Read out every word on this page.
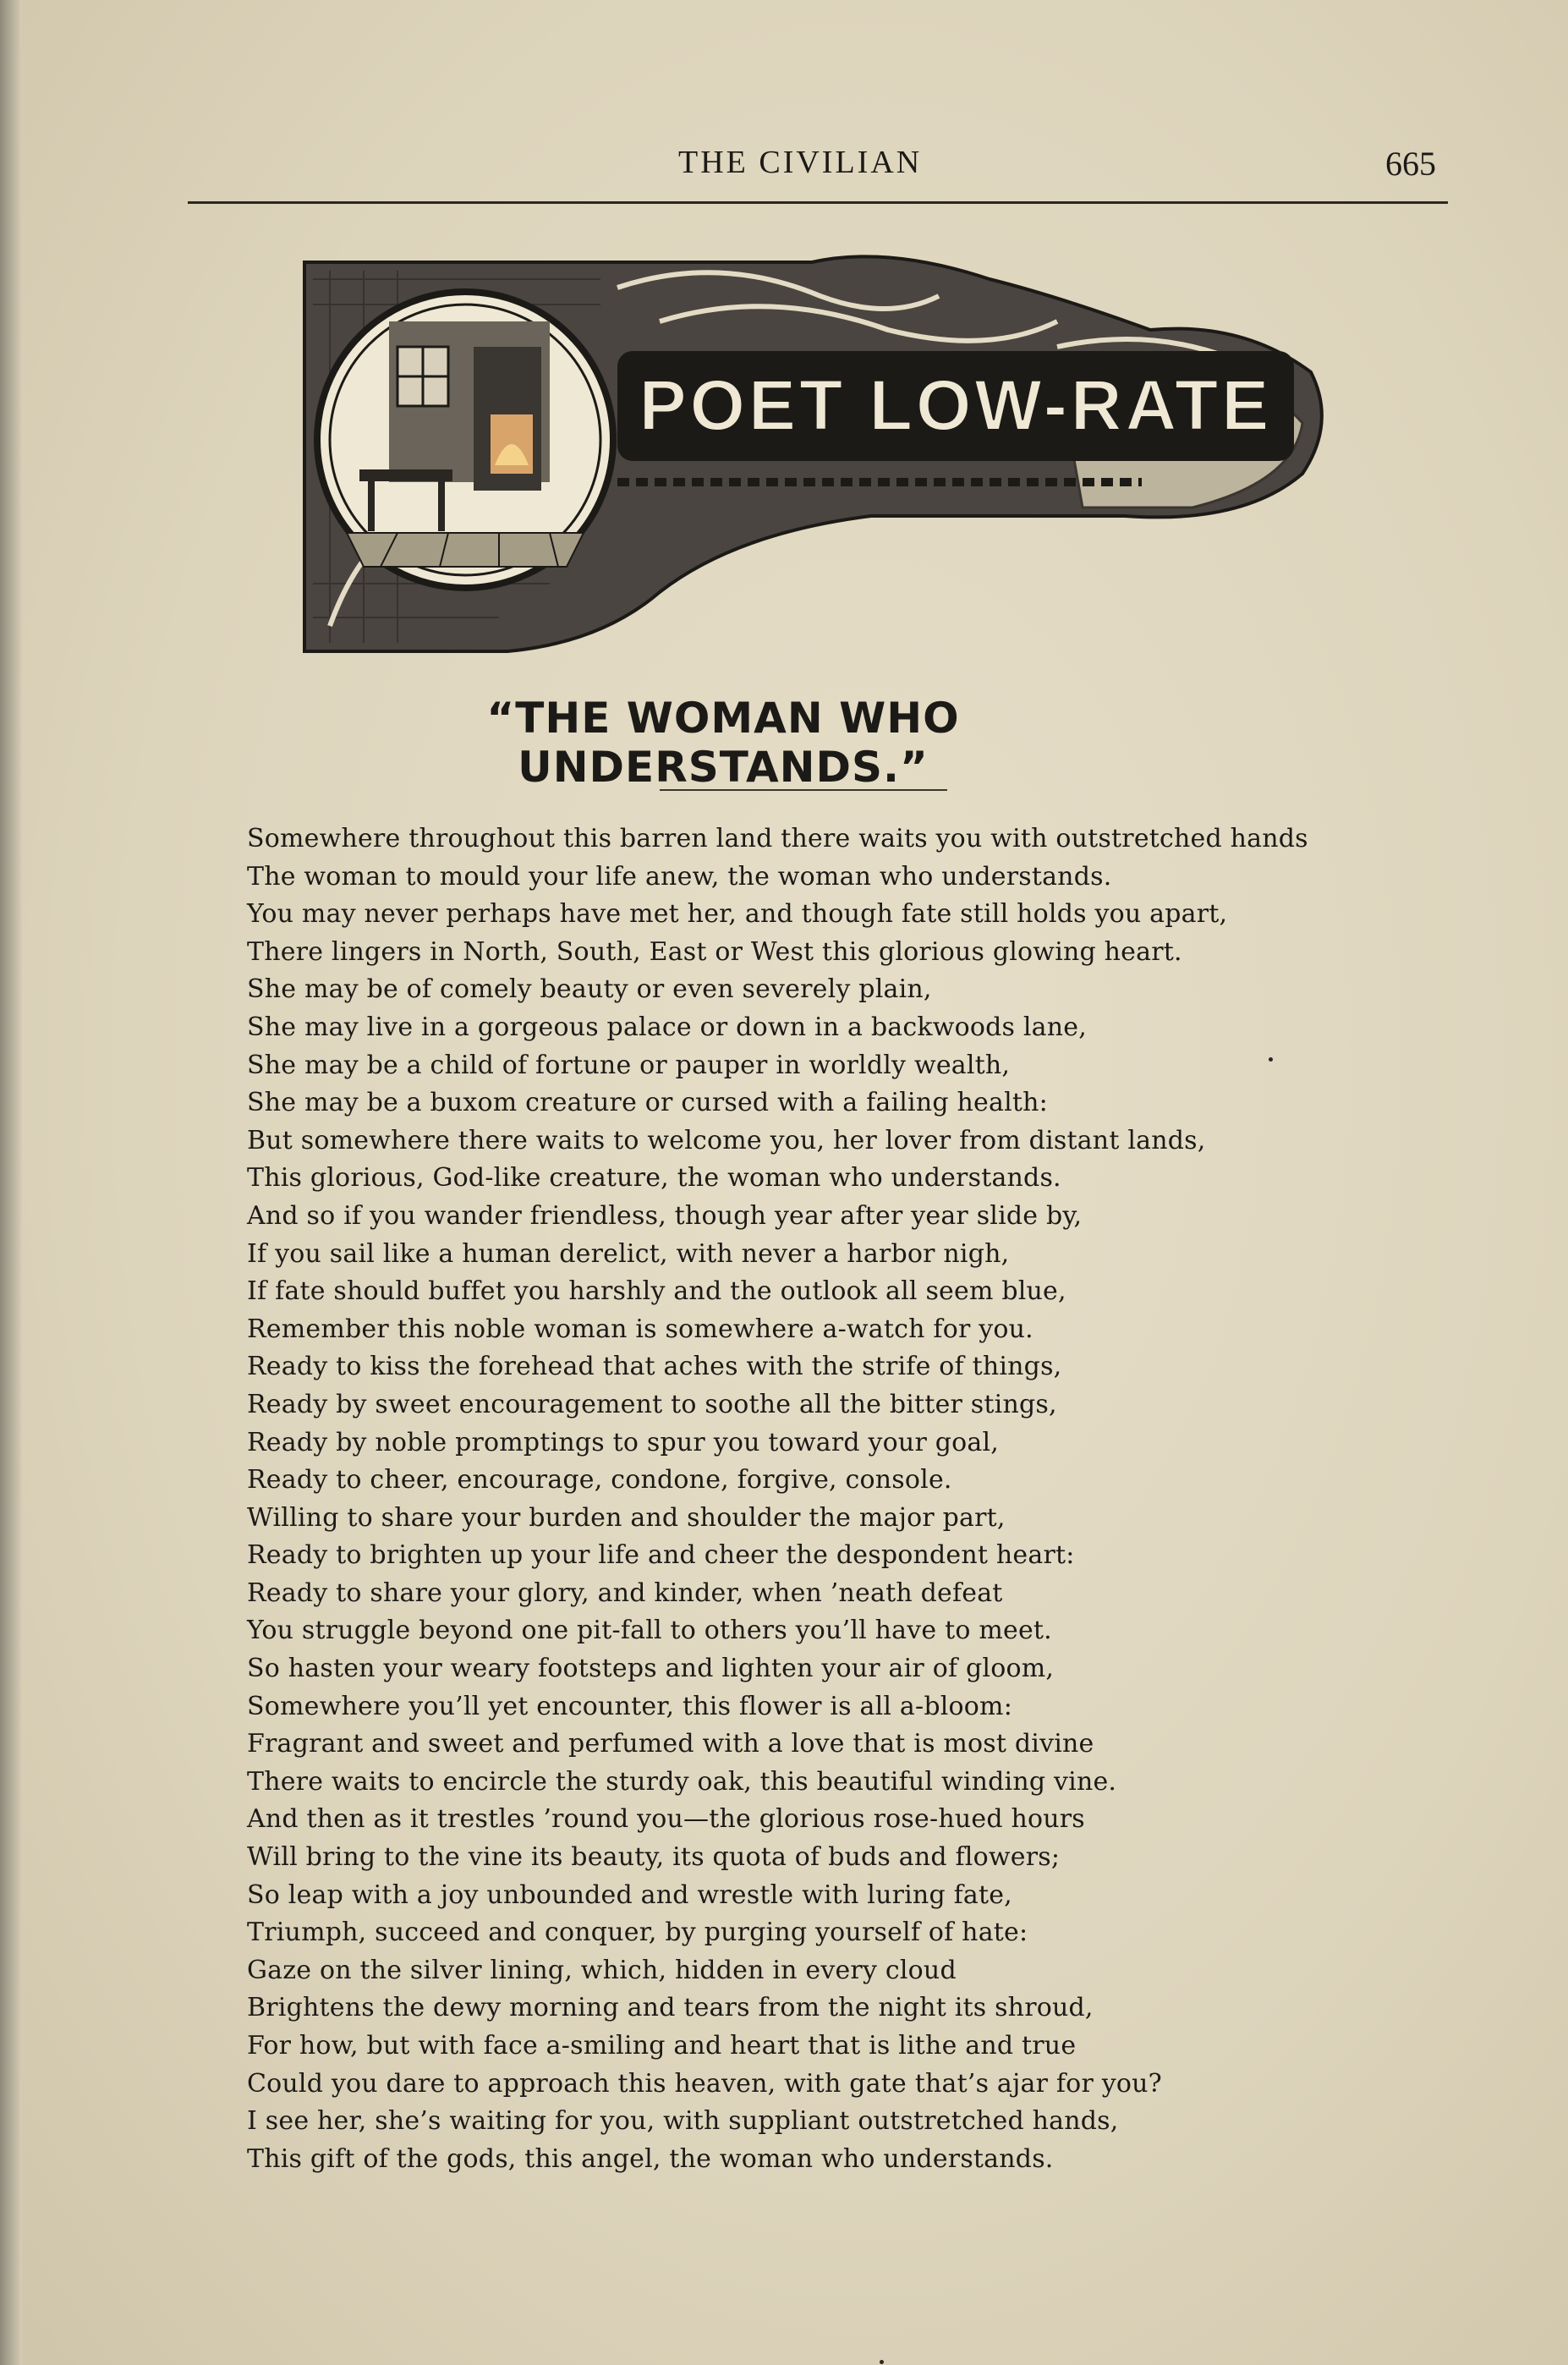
THE CIVILIAN	665
POET LOW-RATE
“THE WOMAN WHO UNDERSTANDS.”
Somewhere throughout this barren land there waits you with outstretched hands
The woman to mould your life anew, the woman who understands.
You may never perhaps have met her, and though fate still holds you apart,
There lingers in North, South, East or West this glorious glowing heart.
She may be of comely beauty or even severely plain,
She may live in a gorgeous palace or down in a backwoods lane,
She may be a child of fortune or pauper in worldly wealth,
She may be a buxom creature or cursed with a failing health:
But somewhere there waits to welcome you, her lover from distant lands,
This glorious, God-like creature, the woman who understands.
And so if you wander friendless, though year after year slide by,
If you sail like a human derelict, with never a harbor nigh,
If fate should buffet you harshly and the outlook all seem blue,
Remember this noble woman is somewhere a-watch for you.
Ready to kiss the forehead that aches with the strife of things,
Ready by sweet encouragement to soothe all the bitter stings,
Ready by noble promptings to spur you toward your goal,
Ready to cheer, encourage, condone, forgive, console.
Willing to share your burden and shoulder the major part,
Ready to brighten up your life and cheer the despondent heart:
Ready to share your glory, and kinder, when ’neath defeat
You struggle beyond one pit-fall to others you’ll have to meet.
So hasten your weary footsteps and lighten your air of gloom,
Somewhere you’ll yet encounter, this flower is all a-bloom:
Fragrant and sweet and perfumed with a love that is most divine
There waits to encircle the sturdy oak, this beautiful winding vine.
And then as it trestles ’round you—the glorious rose-hued hours
Will bring to the vine its beauty, its quota of buds and flowers;
So leap with a joy unbounded and wrestle with luring fate,
Triumph, succeed and conquer, by purging yourself of hate:
Gaze on the silver lining, which, hidden in every cloud
Brightens the dewy morning and tears from the night its shroud,
For how, but with face a-smiling and heart that is lithe and true
Could you dare to approach this heaven, with gate that’s ajar for you?
I see her, she’s waiting for you, with suppliant outstretched hands,
This gift of the gods, this angel, the woman who understands.
